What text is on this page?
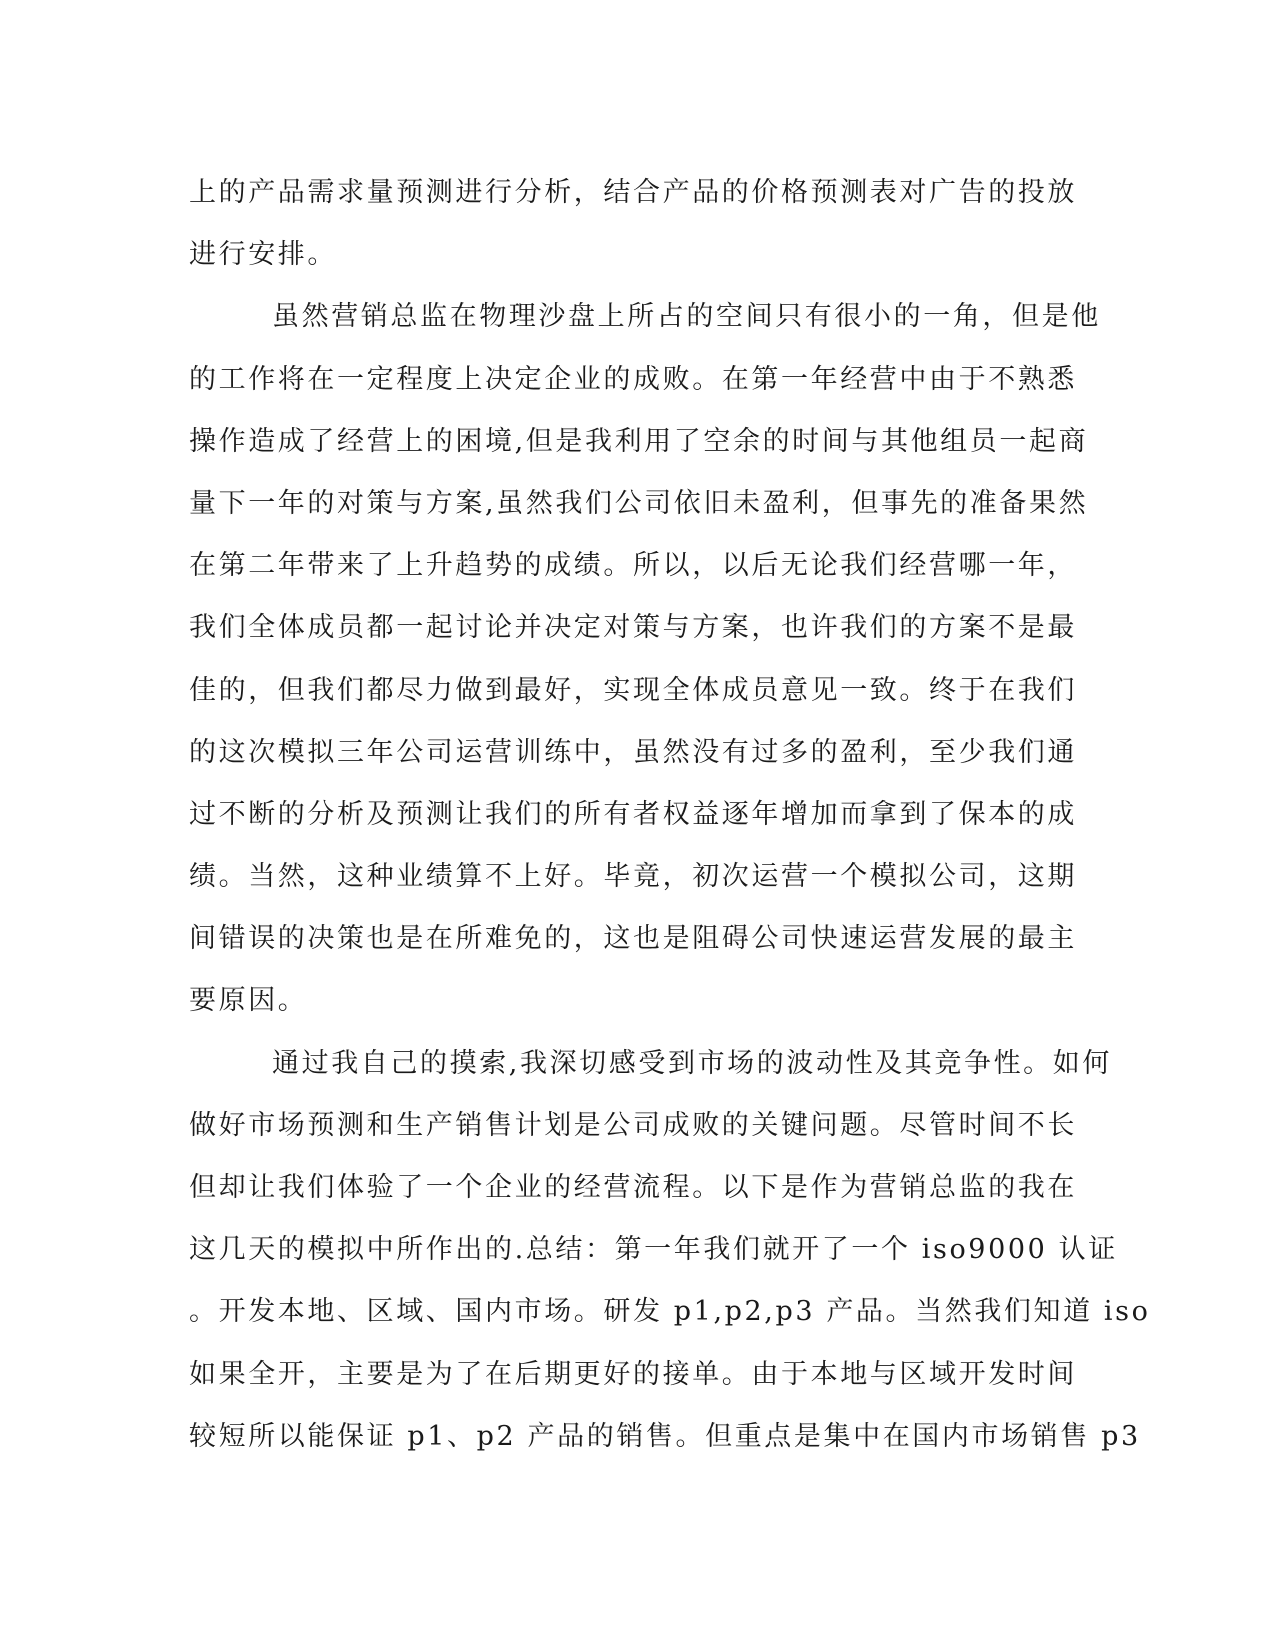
上的产品需求量预测进行分析，结合产品的价格预测表对广告的投放
进行安排。
虽然营销总监在物理沙盘上所占的空间只有很小的一角，但是他
的工作将在一定程度上决定企业的成败。在第一年经营中由于不熟悉
操作造成了经营上的困境,但是我利用了空余的时间与其他组员一起商
量下一年的对策与方案,虽然我们公司依旧未盈利，但事先的准备果然
在第二年带来了上升趋势的成绩。所以，以后无论我们经营哪一年，
我们全体成员都一起讨论并决定对策与方案，也许我们的方案不是最
佳的，但我们都尽力做到最好，实现全体成员意见一致。终于在我们
的这次模拟三年公司运营训练中，虽然没有过多的盈利，至少我们通
过不断的分析及预测让我们的所有者权益逐年增加而拿到了保本的成
绩。当然，这种业绩算不上好。毕竟，初次运营一个模拟公司，这期
间错误的决策也是在所难免的，这也是阻碍公司快速运营发展的最主
要原因。
通过我自己的摸索,我深切感受到市场的波动性及其竞争性。如何
做好市场预测和生产销售计划是公司成败的关键问题。尽管时间不长
但却让我们体验了一个企业的经营流程。以下是作为营销总监的我在
这几天的模拟中所作出的.总结：第一年我们就开了一个 iso9000 认证
。开发本地、区域、国内市场。研发 p1,p2,p3 产品。当然我们知道 iso
如果全开，主要是为了在后期更好的接单。由于本地与区域开发时间
较短所以能保证 p1、p2 产品的销售。但重点是集中在国内市场销售 p3
